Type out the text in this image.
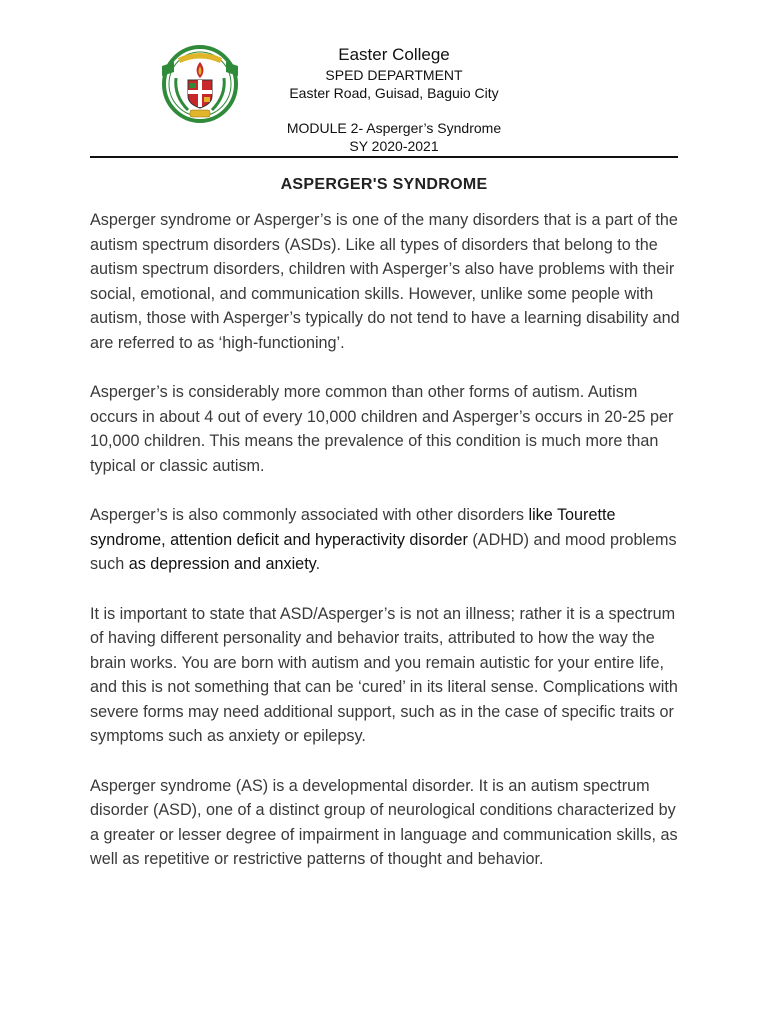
Easter College
SPED DEPARTMENT
Easter Road, Guisad, Baguio City
MODULE 2- Asperger’s Syndrome
SY 2020-2021
ASPERGER'S SYNDROME

Asperger syndrome or Asperger’s is one of the many disorders that is a part of the autism spectrum disorders (ASDs). Like all types of disorders that belong to the autism spectrum disorders, children with Asperger’s also have problems with their social, emotional, and communication skills. However, unlike some people with autism, those with Asperger’s typically do not tend to have a learning disability and are referred to as ‘high-functioning’.

Asperger’s is considerably more common than other forms of autism. Autism occurs in about 4 out of every 10,000 children and Asperger’s occurs in 20-25 per 10,000 children. This means the prevalence of this condition is much more than typical or classic autism.

Asperger’s is also commonly associated with other disorders like Tourette syndrome, attention deficit and hyperactivity disorder (ADHD) and mood problems such as depression and anxiety.

It is important to state that ASD/Asperger’s is not an illness; rather it is a spectrum of having different personality and behavior traits, attributed to how the way the brain works. You are born with autism and you remain autistic for your entire life, and this is not something that can be ‘cured’ in its literal sense. Complications with severe forms may need additional support, such as in the case of specific traits or symptoms such as anxiety or epilepsy.

Asperger syndrome (AS) is a developmental disorder. It is an autism spectrum disorder (ASD), one of a distinct group of neurological conditions characterized by a greater or lesser degree of impairment in language and communication skills, as well as repetitive or restrictive patterns of thought and behavior.
